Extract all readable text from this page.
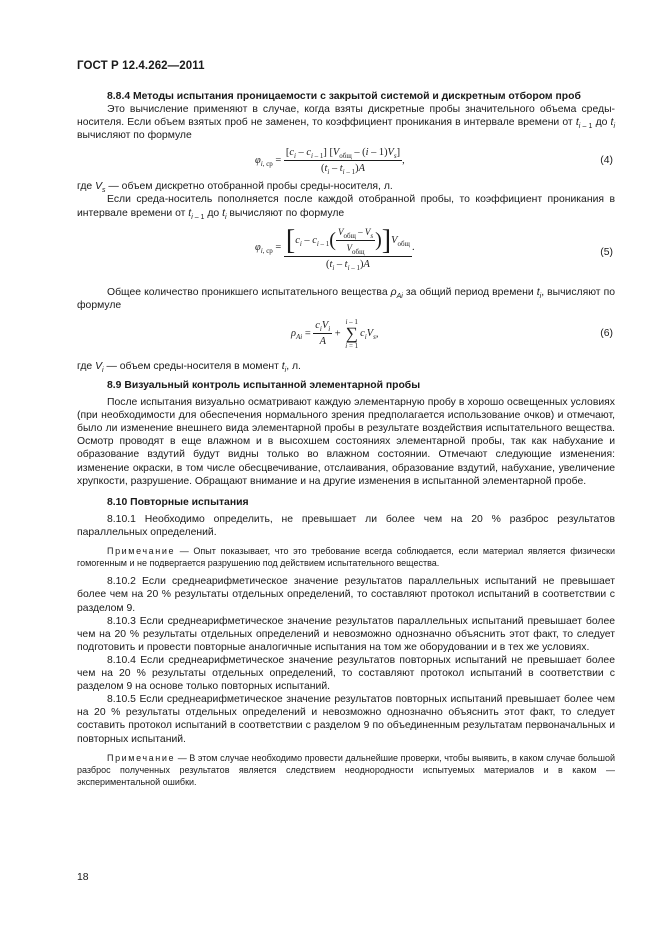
ГОСТ Р 12.4.262—2011

8.8.4 Методы испытания проницаемости с закрытой системой и дискретным отбором проб

Это вычисление применяют в случае, когда взяты дискретные пробы значительного объема среды-носителя. Если объем взятых проб не заменен, то коэффициент проникания в интервале времени от $t_i$ $_{- 1}$ до $t_i$ вычисляют по формуле

$\varphi_{i, ср} = \frac{[c_i - c_i _{- 1}] [V_{общ} - (i - 1)V_s]}{(t_i - t_i _{- 1})A}$ ,	(4)

где $V_s$ — объем дискретно отобранной пробы среды-носителя, л.

Если среда-носитель пополняется после каждой отобранной пробы, то коэффициент проникания в интервале времени от $t_i$ $_{- 1}$ до $t_i$ вычисляют по формуле

$\varphi_{i, ср} = \frac{[c_i - c_i _{- 1}( \frac{V_{общ} - V_s}{V_{общ}} )]V_{общ}}{(t_i - t_i _{- 1})A}$ .	(5)

Общее количество проникшего испытательного вещества $\rho_{Ai}$ за общий период времени $t_i$, вычисляют по формуле

$\rho_{Ai} = \frac{c_iV_i}{A} + i - 1$
∑
$i = 1c_iV_s$,	(6)

где $V_i$ — объем среды-носителя в момент $t_i$, л.

8.9 Визуальный контроль испытанной элементарной пробы

После испытания визуально осматривают каждую элементарную пробу в хорошо освещенных условиях (при необходимости для обеспечения нормального зрения предполагается использование очков) и отмечают, было ли изменение внешнего вида элементарной пробы в результате воздействия испытательного вещества. Осмотр проводят в еще влажном и в высохшем состояниях элементарной пробы, так как набухание и образование вздутий будут видны только во влажном состоянии. Отмечают следующие изменения: изменение окраски, в том числе обесцвечивание, отслаивания, образование вздутий, набухание, увеличение хрупкости, разрушение. Обращают внимание и на другие изменения в испытанной элементарной пробе.

8.10 Повторные испытания

8.10.1 Необходимо определить, не превышает ли более чем на 20 % разброс результатов параллельных определений.

Примечание — Опыт показывает, что это требование всегда соблюдается, если материал является физически гомогенным и не подвергается разрушению под действием испытательного вещества.

8.10.2 Если среднеарифметическое значение результатов параллельных испытаний не превышает более чем на 20 % результаты отдельных определений, то составляют протокол испытаний в соответствии с разделом 9.

8.10.3 Если среднеарифметическое значение результатов параллельных испытаний превышает более чем на 20 % результаты отдельных определений и невозможно однозначно объяснить этот факт, то следует подготовить и провести повторные аналогичные испытания на том же оборудовании и в тех же условиях.

8.10.4 Если среднеарифметическое значение результатов повторных испытаний не превышает более чем на 20 % результаты отдельных определений, то составляют протокол испытаний в соответствии с разделом 9 на основе только повторных испытаний.

8.10.5 Если среднеарифметическое значение результатов повторных испытаний превышает более чем на 20 % результаты отдельных определений и невозможно однозначно объяснить этот факт, то следует составить протокол испытаний в соответствии с разделом 9 по объединенным результатам первоначальных и повторных испытаний.

Примечание — В этом случае необходимо провести дальнейшие проверки, чтобы выявить, в каком случае большой разброс полученных результатов является следствием неоднородности испытуемых материалов и в каком — экспериментальной ошибки.

18
